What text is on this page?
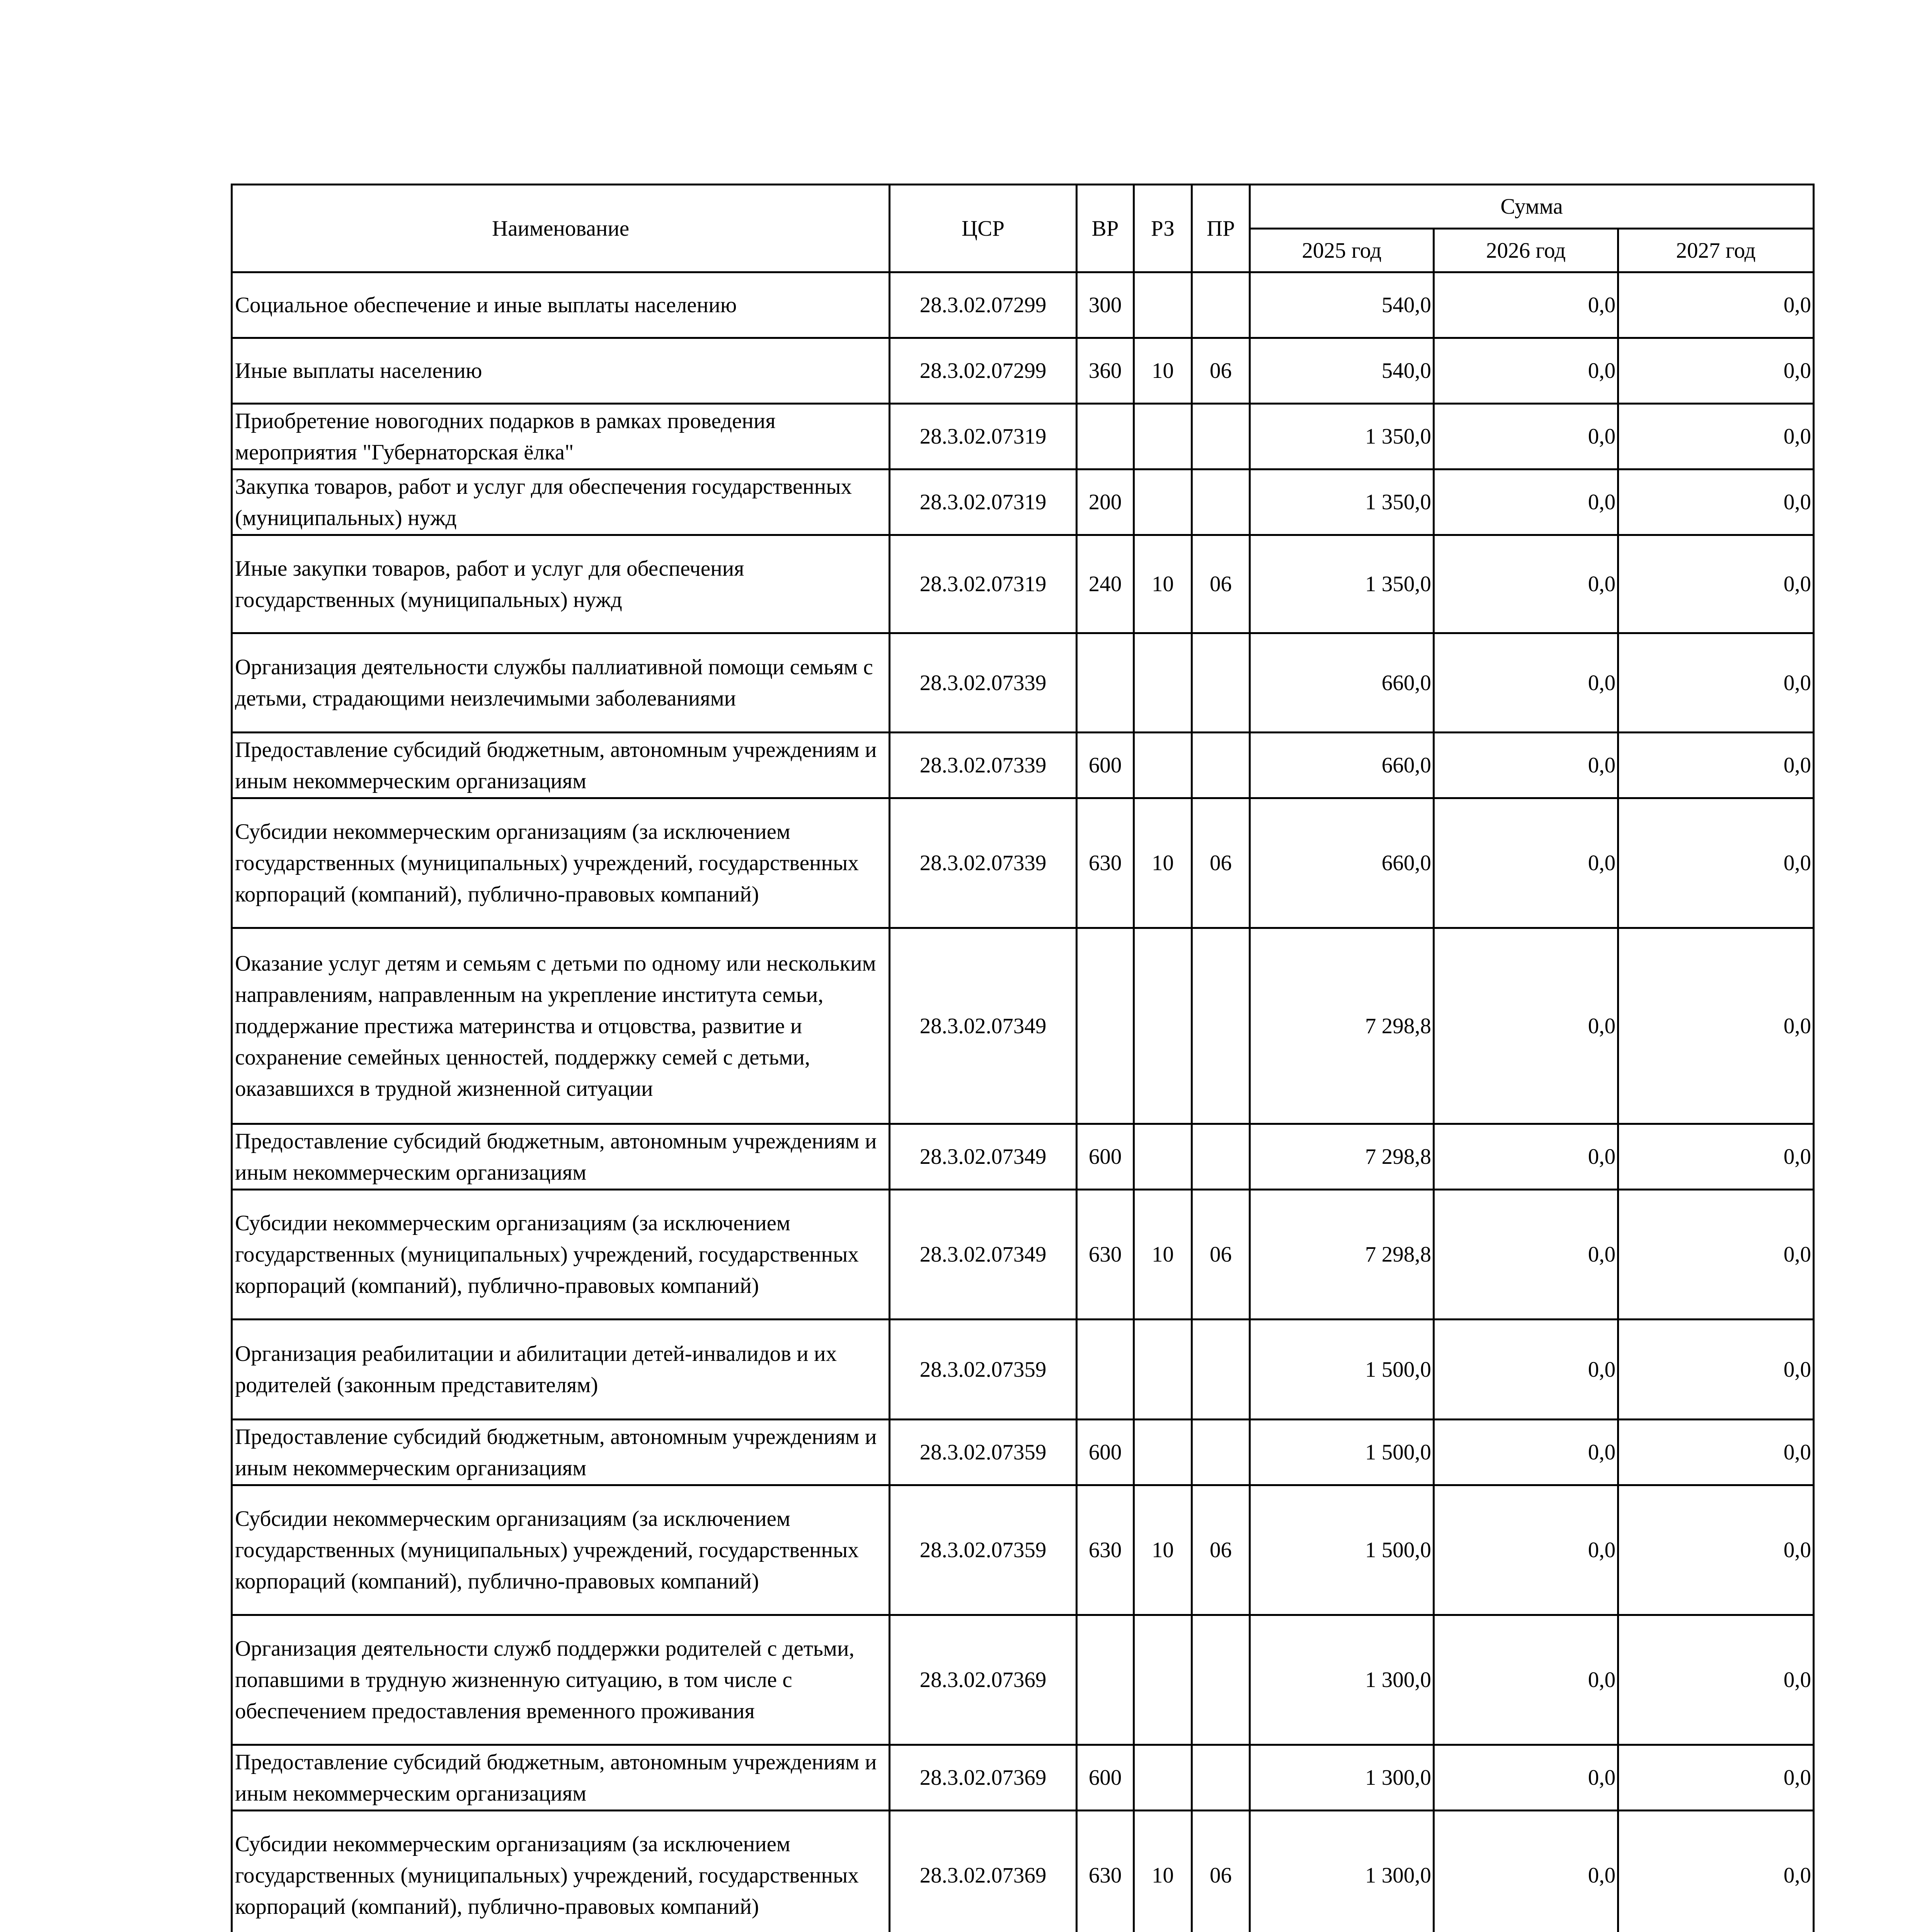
Наименование	ЦСР	ВР	РЗ	ПР	Сумма		
					2025 год	2026 год	2027 год
Социальное обеспечение и иные выплаты населению	28.3.02.07299	300			540,0	0,0	0,0
Иные выплаты населению	28.3.02.07299	360	10	06	540,0	0,0	0,0
Приобретение новогодних подарков в рамках проведения мероприятия "Губернаторская ёлка"	28.3.02.07319				1 350,0	0,0	0,0
Закупка товаров, работ и услуг для обеспечения государственных (муниципальных) нужд	28.3.02.07319	200			1 350,0	0,0	0,0
Иные закупки товаров, работ и услуг для обеспечения государственных (муниципальных) нужд	28.3.02.07319	240	10	06	1 350,0	0,0	0,0
Организация деятельности службы паллиативной помощи семьям с детьми, страдающими неизлечимыми заболеваниями	28.3.02.07339				660,0	0,0	0,0
Предоставление субсидий бюджетным, автономным учреждениям и иным некоммерческим организациям	28.3.02.07339	600			660,0	0,0	0,0
Субсидии некоммерческим организациям (за исключением государственных (муниципальных) учреждений, государственных корпораций (компаний), публично-правовых компаний)	28.3.02.07339	630	10	06	660,0	0,0	0,0
Оказание услуг детям и семьям с детьми по одному или нескольким направлениям, направленным на укрепление института семьи, поддержание престижа материнства и отцовства, развитие и сохранение семейных ценностей, поддержку семей с детьми, оказавшихся в трудной жизненной ситуации	28.3.02.07349				7 298,8	0,0	0,0
Предоставление субсидий бюджетным, автономным учреждениям и иным некоммерческим организациям	28.3.02.07349	600			7 298,8	0,0	0,0
Субсидии некоммерческим организациям (за исключением государственных (муниципальных) учреждений, государственных корпораций (компаний), публично-правовых компаний)	28.3.02.07349	630	10	06	7 298,8	0,0	0,0
Организация реабилитации и абилитации детей-инвалидов и их родителей (законным представителям)	28.3.02.07359				1 500,0	0,0	0,0
Предоставление субсидий бюджетным, автономным учреждениям и иным некоммерческим организациям	28.3.02.07359	600			1 500,0	0,0	0,0
Субсидии некоммерческим организациям (за исключением государственных (муниципальных) учреждений, государственных корпораций (компаний), публично-правовых компаний)	28.3.02.07359	630	10	06	1 500,0	0,0	0,0
Организация деятельности служб поддержки родителей с детьми, попавшими в трудную жизненную ситуацию, в том числе с обеспечением предоставления временного проживания	28.3.02.07369				1 300,0	0,0	0,0
Предоставление субсидий бюджетным, автономным учреждениям и иным некоммерческим организациям	28.3.02.07369	600			1 300,0	0,0	0,0
Субсидии некоммерческим организациям (за исключением государственных (муниципальных) учреждений, государственных корпораций (компаний), публично-правовых компаний)	28.3.02.07369	630	10	06	1 300,0	0,0	0,0
